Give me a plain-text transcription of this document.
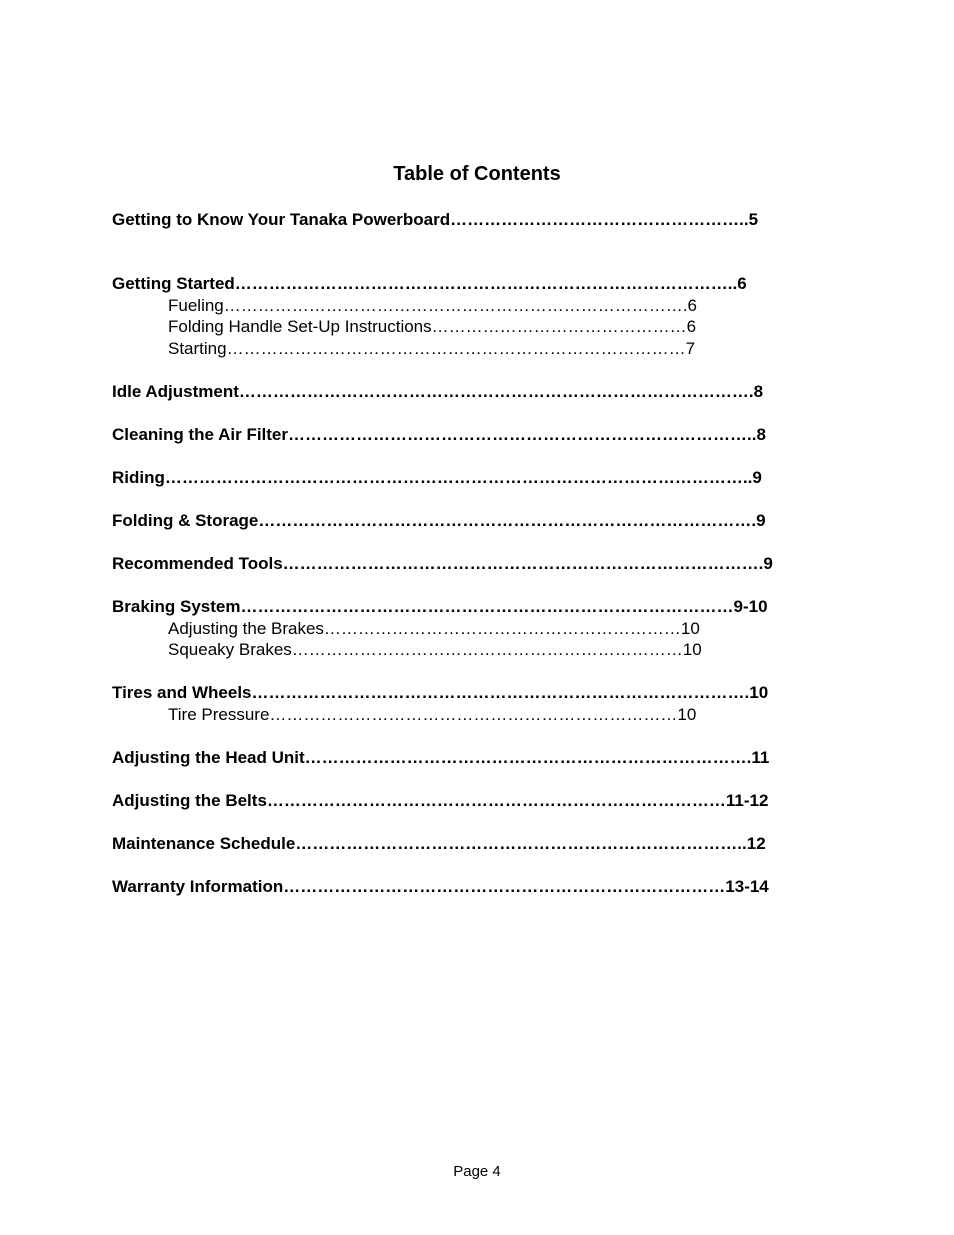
Table of Contents
Getting to Know Your Tanaka Powerboard……………………………………………..5
Getting Started……………………………………………………………………………..6
Fueling……………………………………………………………………….6
Folding Handle Set-Up Instructions………………………………………6
Starting………………………………………………………………………7
Idle Adjustment……………………………………………………………………………….8
Cleaning the Air Filter………………………………………………………………………..8
Riding…………………………………………………………………………………………..9
Folding & Storage…………………………………………………………………………….9
Recommended Tools………………………………………………………………………….9
Braking System……………………………………………………………………………9-10
Adjusting the Brakes………………………………………………………10
Squeaky Brakes……………………………………………………………10
Tires and Wheels…………………………………………………………………………….10
Tire Pressure………………………………………………………………10
Adjusting the Head Unit…………………………………………………………………….11
Adjusting the Belts………………………………………………………………………11-12
Maintenance Schedule……………………………………………………………………..12
Warranty Information……………………………………………………………………13-14
Page 4
